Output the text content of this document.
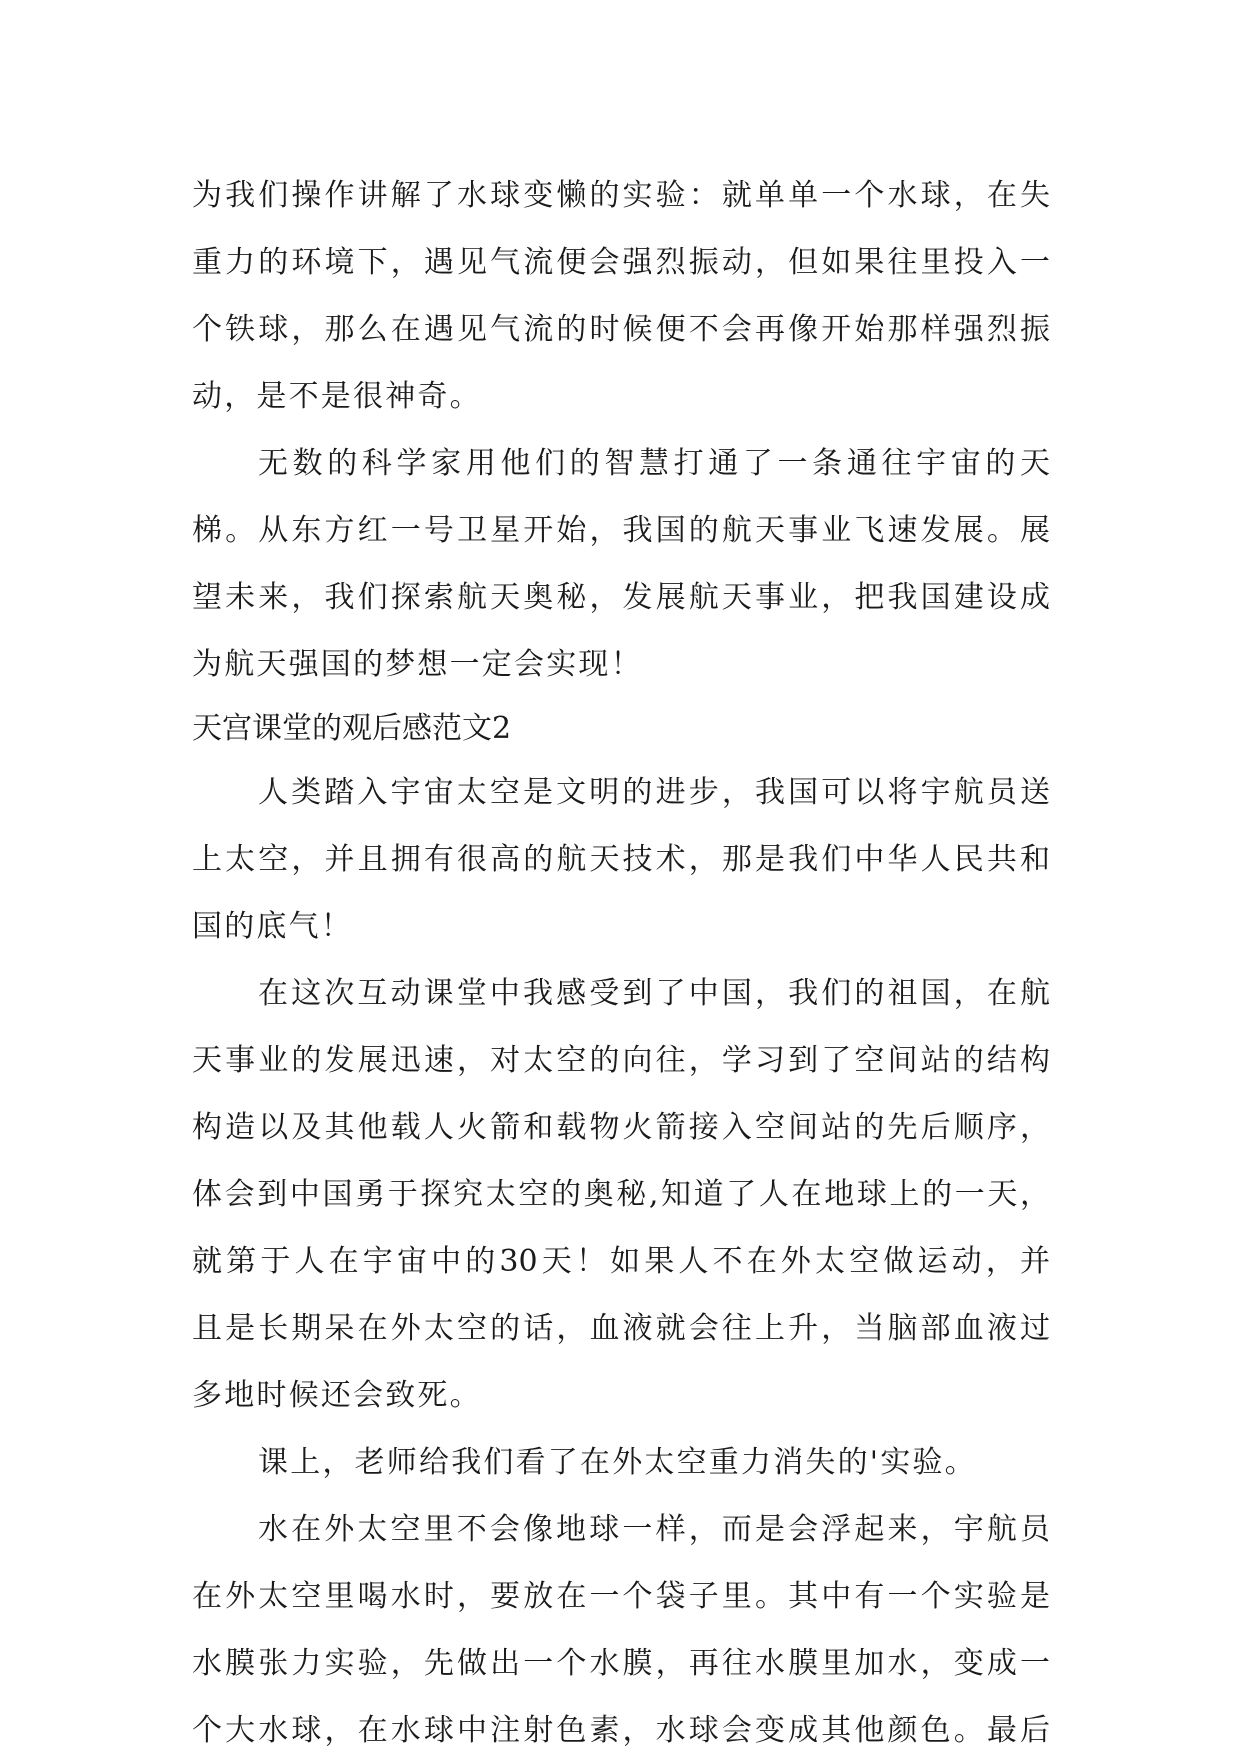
为我们操作讲解了水球变懒的实验：就单单一个水球，在失
重力的环境下，遇见气流便会强烈振动，但如果往里投入一
个铁球，那么在遇见气流的时候便不会再像开始那样强烈振
动，是不是很神奇。
无数的科学家用他们的智慧打通了一条通往宇宙的天
梯。从东方红一号卫星开始，我国的航天事业飞速发展。展
望未来，我们探索航天奥秘，发展航天事业，把我国建设成
为航天强国的梦想一定会实现！
天宫课堂的观后感范文2
人类踏入宇宙太空是文明的进步，我国可以将宇航员送
上太空，并且拥有很高的航天技术，那是我们中华人民共和
国的底气！
在这次互动课堂中我感受到了中国，我们的祖国，在航
天事业的发展迅速，对太空的向往，学习到了空间站的结构
构造以及其他载人火箭和载物火箭接入空间站的先后顺序，
体会到中国勇于探究太空的奥秘,知道了人在地球上的一天，
就第于人在宇宙中的30天！如果人不在外太空做运动，并
且是长期呆在外太空的话，血液就会往上升，当脑部血液过
多地时候还会致死。
课上，老师给我们看了在外太空重力消失的'实验。
水在外太空里不会像地球一样，而是会浮起来，宇航员
在外太空里喝水时，要放在一个袋子里。其中有一个实验是
水膜张力实验，先做出一个水膜，再往水膜里加水，变成一
个大水球，在水球中注射色素，水球会变成其他颜色。最后
